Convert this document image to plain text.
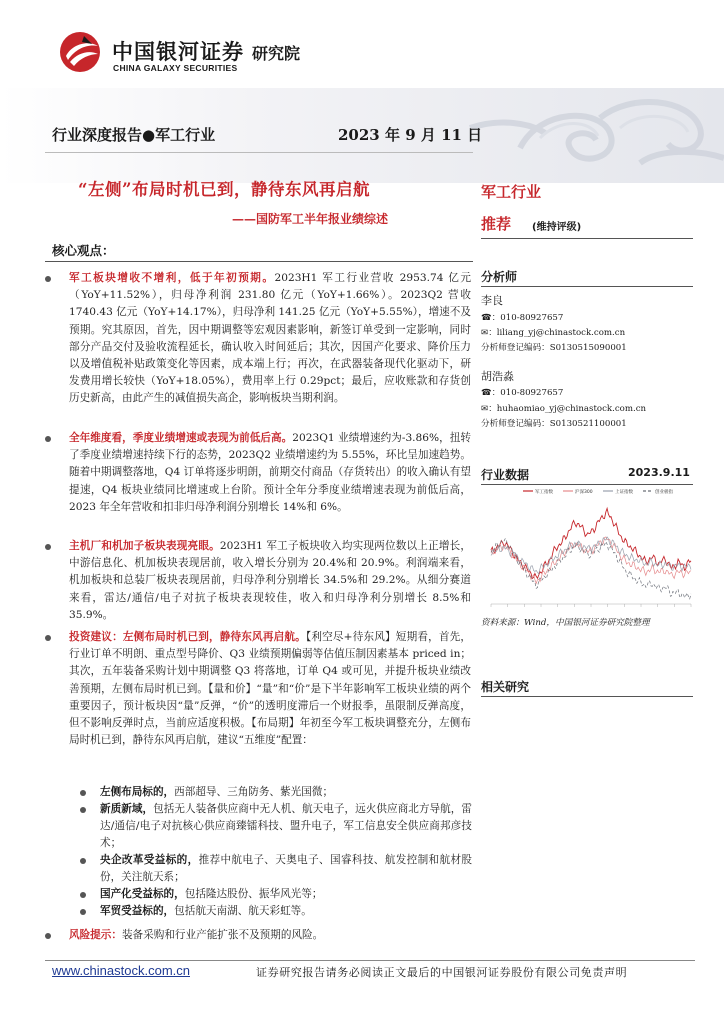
中国银河证券
CHINA GALAXY SECURITIES
研究院
行业深度报告●军工行业	2023 年 9 月 11 日
“左侧”布局时机已到，静待东风再启航
——国防军工半年报业绩综述
军工行业
推荐 (维持评级)
核心观点：
军工板块增收不增利，低于年初预期。2023H1 军工行业营收 2953.74 亿元（YoY+11.52%），归母净利润 231.80 亿元（YoY+1.66%）。2023Q2 营收 1740.43 亿元（YoY+14.17%），归母净利 141.25 亿元（YoY+5.55%），增速不及预期。究其原因，首先，因中期调整等宏观因素影响，新签订单受到一定影响，同时部分产品交付及验收流程延长，确认收入时间延后；其次，因国产化要求、降价压力以及增值税补贴政策变化等因素，成本端上行；再次，在武器装备现代化驱动下，研发费用增长较快（YoY+18.05%），费用率上行 0.29pct；最后，应收账款和存货创历史新高，由此产生的减值损失高企，影响板块当期利润。
全年维度看，季度业绩增速或表现为前低后高。2023Q1 业绩增速约为-3.86%，扭转了季度业绩增速持续下行的态势，2023Q2 业绩增速约为 5.55%，环比呈加速趋势。随着中期调整落地，Q4 订单将逐步明朗，前期交付商品（存货转出）的收入确认有望提速，Q4 板块业绩同比增速或上台阶。预计全年分季度业绩增速表现为前低后高，2023 年全年营收和扣非归母净利润分别增长 14%和 6%。
主机厂和机加子板块表现亮眼。2023H1 军工子板块收入均实现两位数以上正增长，中游信息化、机加板块表现居前，收入增长分别为 20.4%和 20.9%。利润端来看，机加板块和总装厂板块表现居前，归母净利分别增长 34.5%和 29.2%。从细分赛道来看，雷达/通信/电子对抗子板块表现较佳，收入和归母净利分别增长 8.5%和 35.9%。
投资建议：左侧布局时机已到，静待东风再启航。【利空尽+待东风】短期看，首先，行业订单不明朗、重点型号降价、Q3 业绩预期偏弱等估值压制因素基本 priced in；其次，五年装备采购计划中期调整 Q3 将落地，订单 Q4 或可见，并提升板块业绩改善预期，左侧布局时机已到。【量和价】“量”和“价”是下半年影响军工板块业绩的两个重要因子，预计板块因“量”反弹，“价”的透明度滞后一个财报季，虽限制反弹高度，但不影响反弹时点，当前应适度积极。【布局期】年初至今军工板块调整充分，左侧布局时机已到，静待东风再启航，建议“五维度”配置：
左侧布局标的，西部超导、三角防务、紫光国微；
新质新域，包括无人装备供应商中无人机、航天电子，远火供应商北方导航，雷达/通信/电子对抗核心供应商臻镭科技、盟升电子，军工信息安全供应商邦彦技术；
央企改革受益标的，推荐中航电子、天奥电子、国睿科技、航发控制和航材股份，关注航天系；
国产化受益标的，包括隆达股份、振华风光等；
军贸受益标的，包括航天南湖、航天彩虹等。
风险提示：装备采购和行业产能扩张不及预期的风险。
分析师
李良
☎：010-80927657
✉：liliang_yj@chinastock.com.cn
分析师登记编码：S0130515090001
胡浩淼
☎：010-80927657
✉：huhaomiao_yj@chinastock.com.cn
分析师登记编码：S0130521100001
行业数据	2023.9.11
军工指数	沪深300	上证指数	创业板指
资料来源：Wind，中国银河证券研究院整理
相关研究
www.chinastock.com.cn	证券研究报告请务必阅读正文最后的中国银河证券股份有限公司免责声明
